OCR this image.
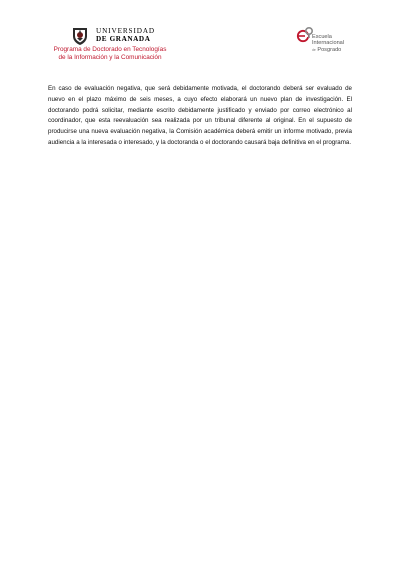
UNIVERSIDAD
DE GRANADA
Programa de Doctorado en Tecnologías
de la Información y la Comunicación
Escuela
Internacional
de Posgrado

En caso de evaluación negativa, que será debidamente motivada, el doctorando deberá ser evaluado de nuevo en el plazo máximo de seis meses, a cuyo efecto elaborará un nuevo plan de investigación. El doctorando podrá solicitar, mediante escrito debidamente justificado y enviado por correo electrónico al coordinador, que esta reevaluación sea realizada por un tribunal diferente al original. En el supuesto de producirse una nueva evaluación negativa, la Comisión académica deberá emitir un informe motivado, previa audiencia a la interesada o interesado, y la doctoranda o el doctorando causará baja definitiva en el programa.
